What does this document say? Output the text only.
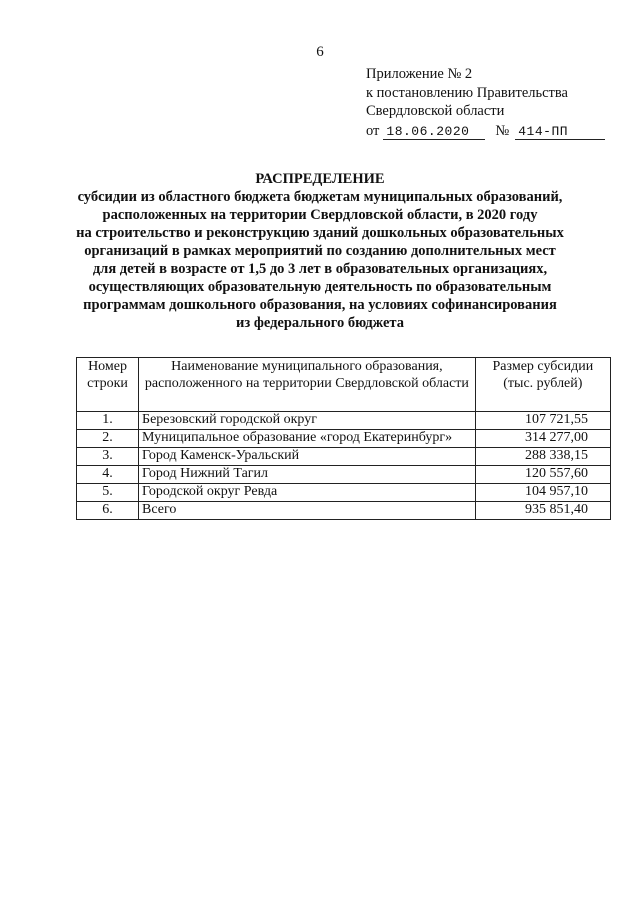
6
Приложение № 2
к постановлению Правительства
Свердловской области
от 18.06.2020	№ 414-ПП
РАСПРЕДЕЛЕНИЕ
субсидии из областного бюджета бюджетам муниципальных образований,
расположенных на территории Свердловской области, в 2020 году
на строительство и реконструкцию зданий дошкольных образовательных
организаций в рамках мероприятий по созданию дополнительных мест
для детей в возрасте от 1,5 до 3 лет в образовательных организациях,
осуществляющих образовательную деятельность по образовательным
программам дошкольного образования, на условиях софинансирования
из федерального бюджета
Номер строки	Наименование муниципального образования, расположенного на территории Свердловской области	Размер субсидии (тыс. рублей)
1.	Березовский городской округ	107 721,55
2.	Муниципальное образование «город Екатеринбург»	314 277,00
3.	Город Каменск-Уральский	288 338,15
4.	Город Нижний Тагил	120 557,60
5.	Городской округ Ревда	104 957,10
6.	Всего	935 851,40
